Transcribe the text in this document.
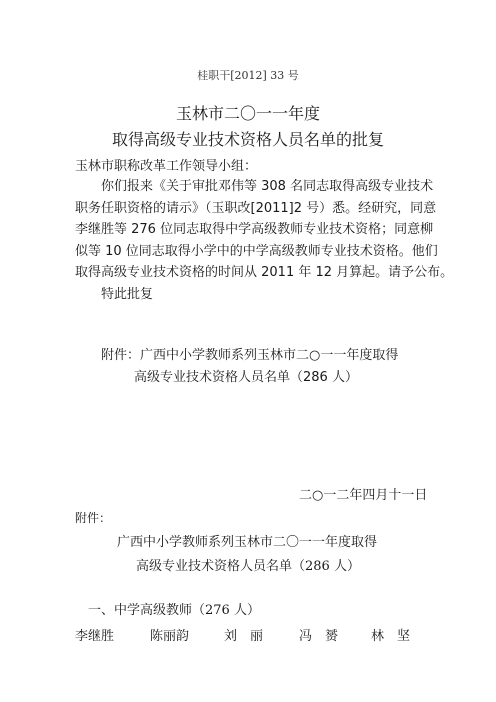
桂职干[2012] 33 号
玉林市二〇一一年度
取得高级专业技术资格人员名单的批复
玉林市职称改革工作领导小组：
你们报来《关于审批邓伟等 308 名同志取得高级专业技术
职务任职资格的请示》（玉职改[2011]2 号）悉。经研究，同意
李继胜等 276 位同志取得中学高级教师专业技术资格；同意柳
似等 10 位同志取得小学中的中学高级教师专业技术资格。他们
取得高级专业技术资格的时间从 2011 年 12 月算起。请予公布。
特此批复
附件：广西中小学教师系列玉林市二○一一年度取得
高级专业技术资格人员名单（286 人）
二○一二年四月十一日
附件：
广西中小学教师系列玉林市二〇一一年度取得
高级专业技术资格人员名单（286 人）
一、中学高级教师（276 人）
李继胜	陈丽韵	刘　丽	冯　赟	林　坚
